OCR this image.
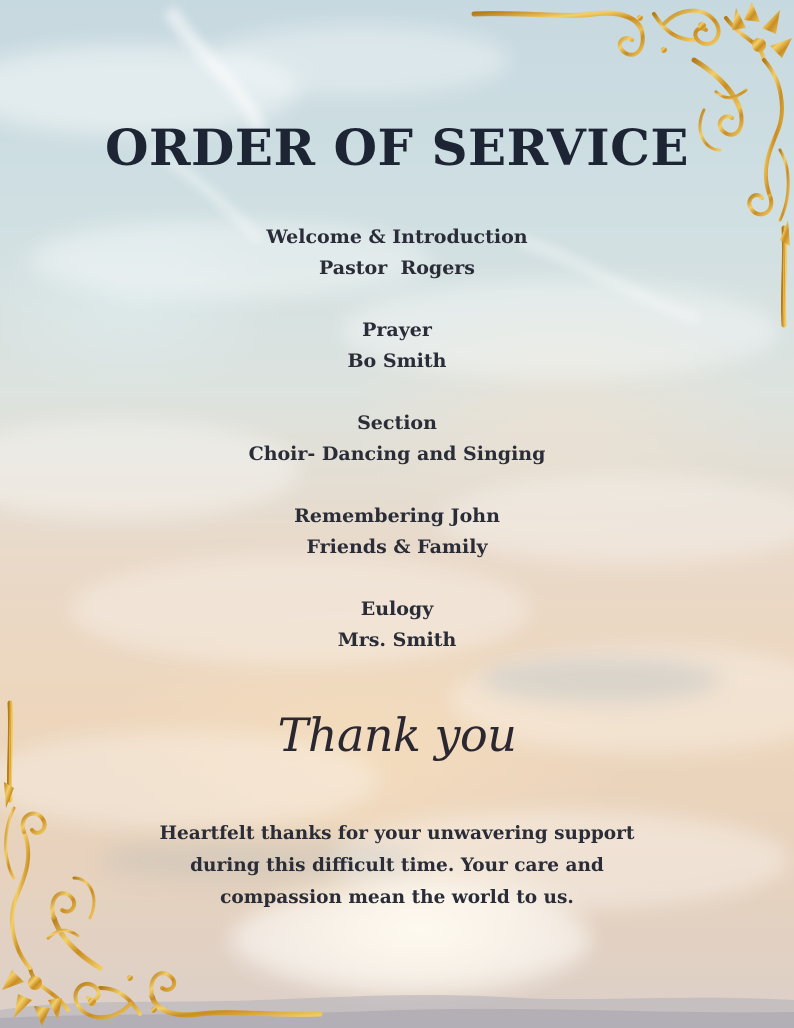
ORDER OF SERVICE
Welcome & Introduction
Pastor  Rogers
Prayer
Bo Smith
Section
Choir- Dancing and Singing
Remembering John
Friends & Family
Eulogy
Mrs. Smith
Thank you
Heartfelt thanks for your unwavering support
during this difficult time. Your care and
compassion mean the world to us.
